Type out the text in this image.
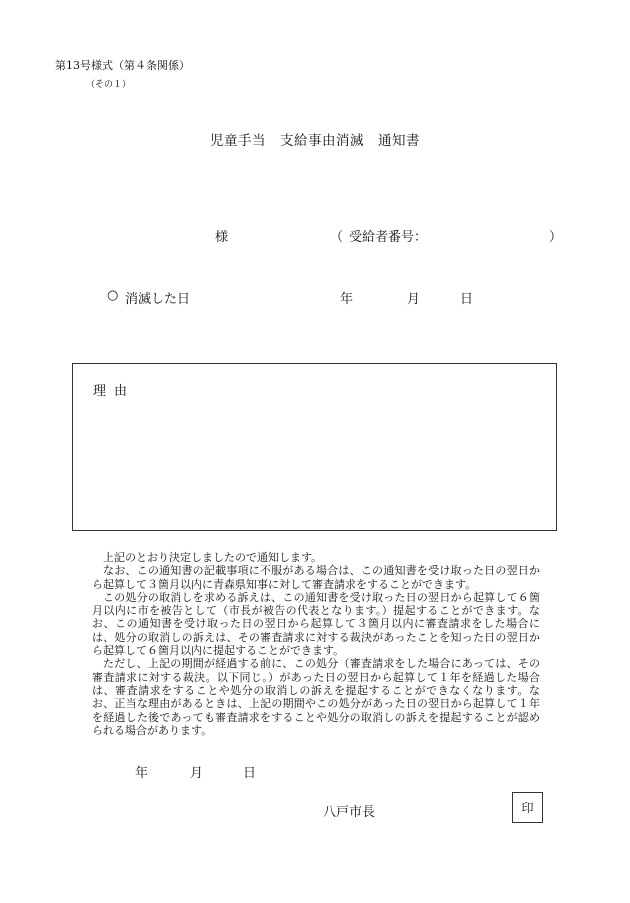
第13号様式（第４条関係）
（その１）
児童手当 支給事由消滅 通知書
様	（ 受給者番号：	）
○ 消滅した日	年	月	日
理由

上記のとおり決定しましたので通知します。

なお、この通知書の記載事項に不服がある場合は、この通知書を受け取った日の翌日から起算して３箇月以内に青森県知事に対して審査請求をすることができます。

この処分の取消しを求める訴えは、この通知書を受け取った日の翌日から起算して６箇月以内に市を被告として（市長が被告の代表となります。）提起することができます。なお、この通知書を受け取った日の翌日から起算して３箇月以内に審査請求をした場合には、処分の取消しの訴えは、その審査請求に対する裁決があったことを知った日の翌日から起算して６箇月以内に提起することができます。

ただし、上記の期間が経過する前に、この処分（審査請求をした場合にあっては、その審査請求に対する裁決。以下同じ。）があった日の翌日から起算して１年を経過した場合は、審査請求をすることや処分の取消しの訴えを提起することができなくなります。なお、正当な理由があるときは、上記の期間やこの処分があった日の翌日から起算して１年を経過した後であっても審査請求をすることや処分の取消しの訴えを提起することが認められる場合があります。

年	月	日
八戸市長	印
